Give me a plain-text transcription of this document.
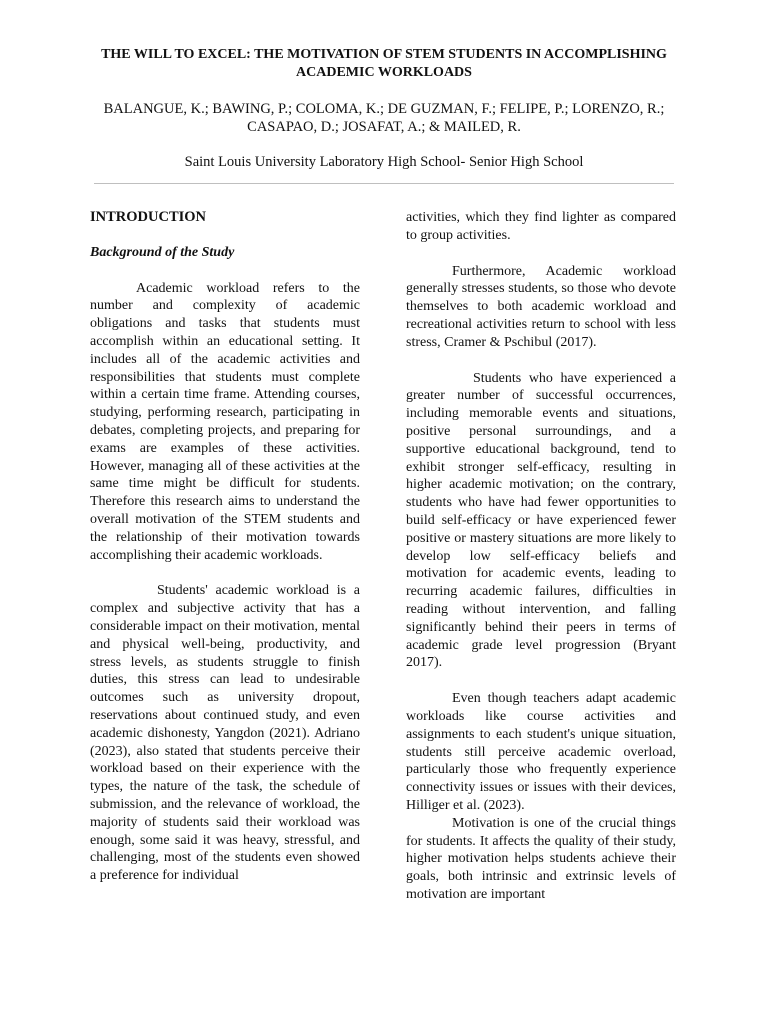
THE WILL TO EXCEL: THE MOTIVATION OF STEM STUDENTS IN ACCOMPLISHING ACADEMIC WORKLOADS
BALANGUE, K.; BAWING, P.; COLOMA, K.; DE GUZMAN, F.; FELIPE, P.; LORENZO, R.; CASAPAO, D.; JOSAFAT, A.; & MAILED, R.
Saint Louis University Laboratory High School- Senior High School
INTRODUCTION
Background of the Study

Academic workload refers to the number and complexity of academic obligations and tasks that students must accomplish within an educational setting. It includes all of the academic activities and responsibilities that students must complete within a certain time frame. Attending courses, studying, performing research, participating in debates, completing projects, and preparing for exams are examples of these activities. However, managing all of these activities at the same time might be difficult for students. Therefore this research aims to understand the overall motivation of the STEM students and the relationship of their motivation towards accomplishing their academic workloads.

Students' academic workload is a complex and subjective activity that has a considerable impact on their motivation, mental and physical well-being, productivity, and stress levels, as students struggle to finish duties, this stress can lead to undesirable outcomes such as university dropout, reservations about continued study, and even academic dishonesty, Yangdon (2021). Adriano (2023), also stated that students perceive their workload based on their experience with the types, the nature of the task, the schedule of submission, and the relevance of workload, the majority of students said their workload was enough, some said it was heavy, stressful, and challenging, most of the students even showed a preference for individual

activities, which they find lighter as compared to group activities.

Furthermore, Academic workload generally stresses students, so those who devote themselves to both academic workload and recreational activities return to school with less stress, Cramer & Pschibul (2017).

Students who have experienced a greater number of successful occurrences, including memorable events and situations, positive personal surroundings, and a supportive educational background, tend to exhibit stronger self-efficacy, resulting in higher academic motivation; on the contrary, students who have had fewer opportunities to build self-efficacy or have experienced fewer positive or mastery situations are more likely to develop low self-efficacy beliefs and motivation for academic events, leading to recurring academic failures, difficulties in reading without intervention, and falling significantly behind their peers in terms of academic grade level progression (Bryant 2017).

Even though teachers adapt academic workloads like course activities and assignments to each student's unique situation, students still perceive academic overload, particularly those who frequently experience connectivity issues or issues with their devices, Hilliger et al. (2023).

Motivation is one of the crucial things for students. It affects the quality of their study, higher motivation helps students achieve their goals, both intrinsic and extrinsic levels of motivation are important
